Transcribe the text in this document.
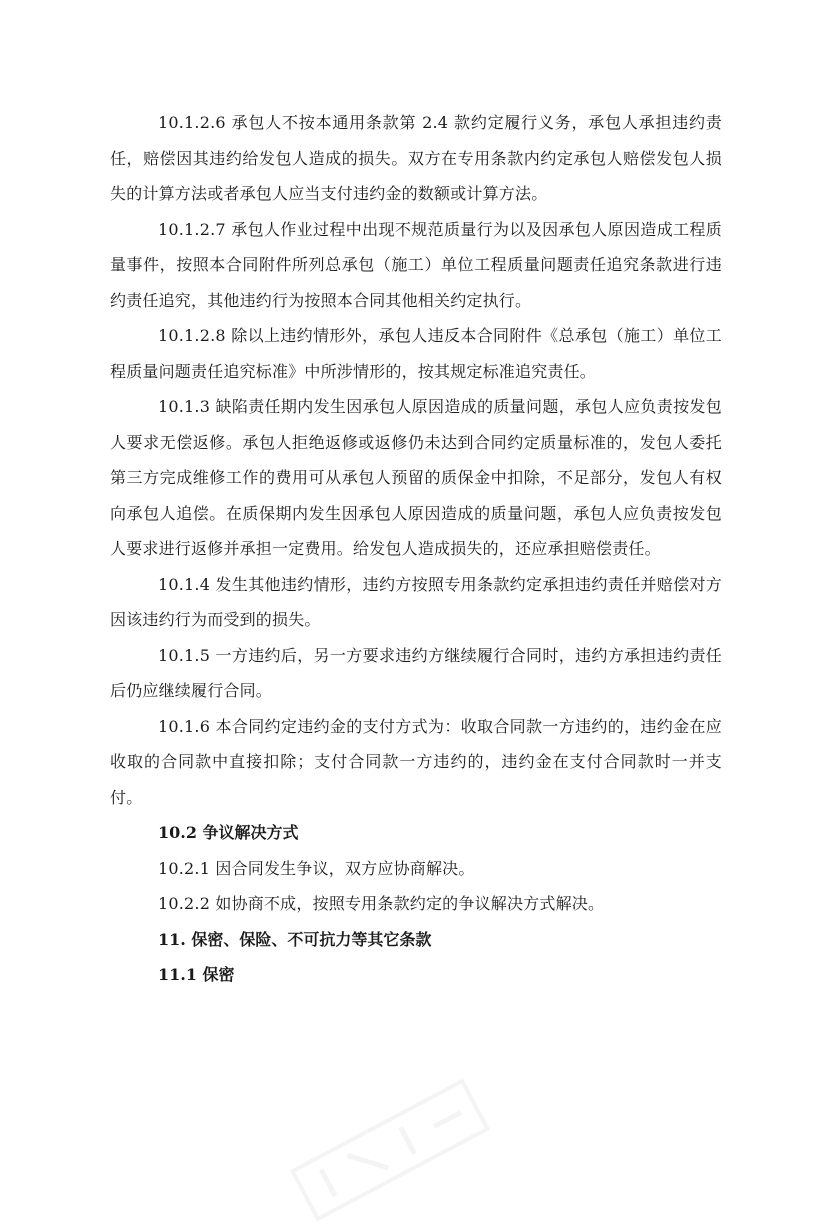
10.1.2.6 承包人不按本通用条款第 2.4 款约定履行义务，承包人承担违约责任，赔偿因其违约给发包人造成的损失。双方在专用条款内约定承包人赔偿发包人损失的计算方法或者承包人应当支付违约金的数额或计算方法。

10.1.2.7 承包人作业过程中出现不规范质量行为以及因承包人原因造成工程质量事件，按照本合同附件所列总承包（施工）单位工程质量问题责任追究条款进行违约责任追究，其他违约行为按照本合同其他相关约定执行。

10.1.2.8 除以上违约情形外，承包人违反本合同附件《总承包（施工）单位工程质量问题责任追究标准》中所涉情形的，按其规定标准追究责任。

10.1.3 缺陷责任期内发生因承包人原因造成的质量问题，承包人应负责按发包人要求无偿返修。承包人拒绝返修或返修仍未达到合同约定质量标准的，发包人委托第三方完成维修工作的费用可从承包人预留的质保金中扣除，不足部分，发包人有权向承包人追偿。在质保期内发生因承包人原因造成的质量问题，承包人应负责按发包人要求进行返修并承担一定费用。给发包人造成损失的，还应承担赔偿责任。

10.1.4 发生其他违约情形，违约方按照专用条款约定承担违约责任并赔偿对方因该违约行为而受到的损失。

10.1.5 一方违约后，另一方要求违约方继续履行合同时，违约方承担违约责任后仍应继续履行合同。

10.1.6 本合同约定违约金的支付方式为：收取合同款一方违约的，违约金在应收取的合同款中直接扣除；支付合同款一方违约的，违约金在支付合同款时一并支付。

10.2 争议解决方式

10.2.1 因合同发生争议，双方应协商解决。

10.2.2 如协商不成，按照专用条款约定的争议解决方式解决。

11. 保密、保险、不可抗力等其它条款

11.1 保密
